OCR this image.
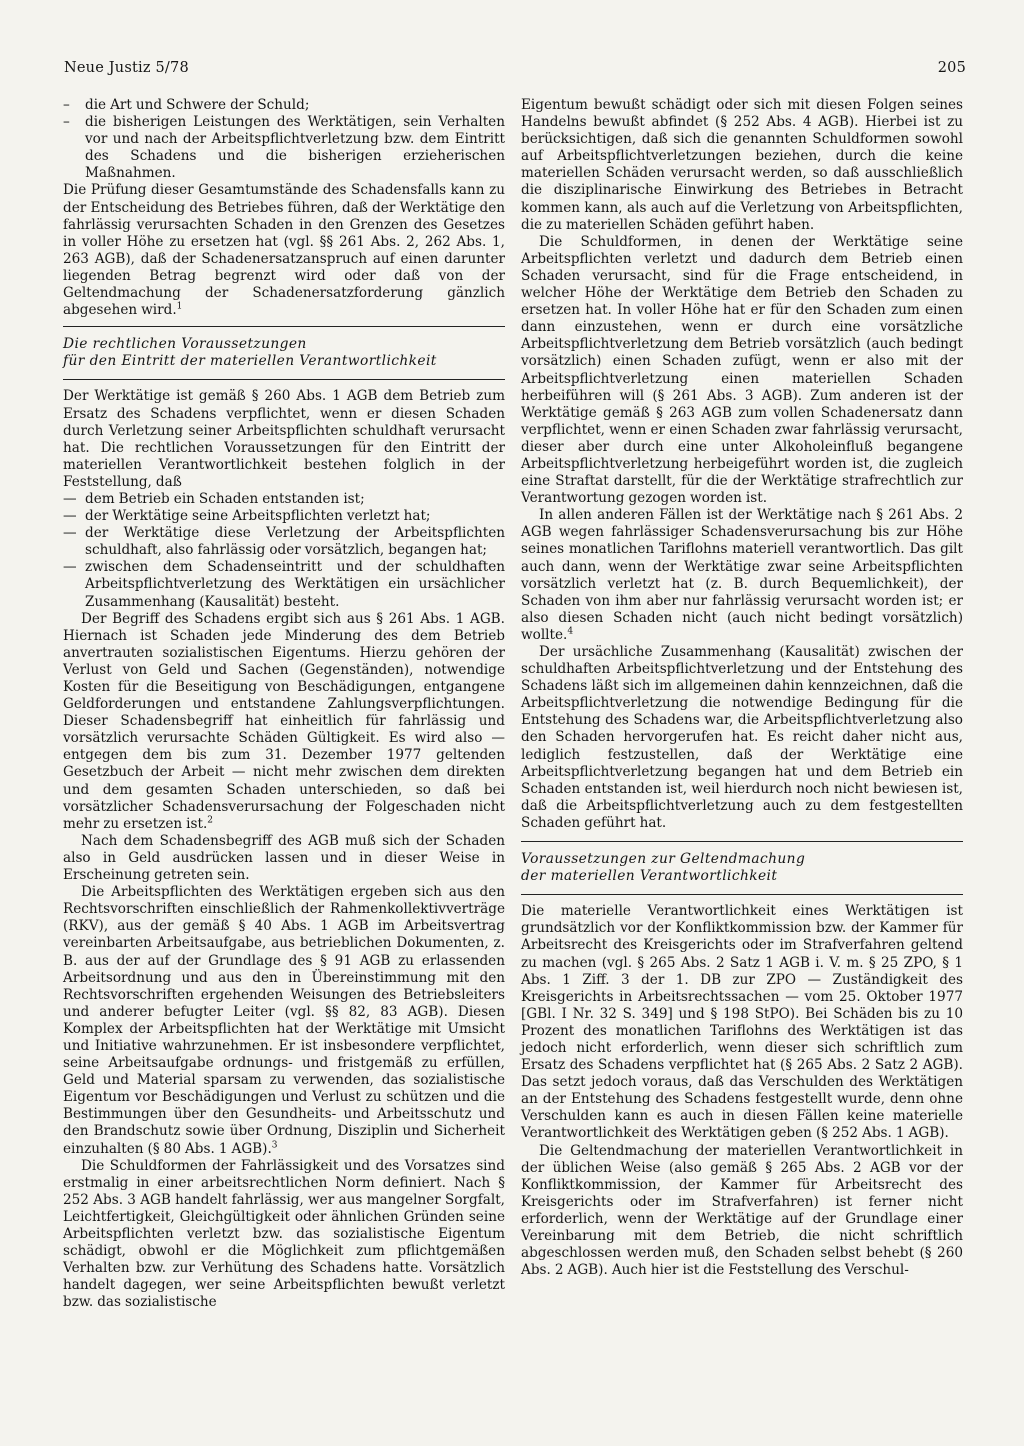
Neue Justiz 5/78	205
–	die Art und Schwere der Schuld;
–	die bisherigen Leistungen des Werktätigen, sein Verhalten vor und nach der Arbeitspflichtverletzung bzw. dem Eintritt des Schadens und die bisherigen erzieherischen Maßnahmen.

Die Prüfung dieser Gesamtumstände des Schadensfalls kann zu der Entscheidung des Betriebes führen, daß der Werktätige den fahrlässig verursachten Schaden in den Grenzen des Gesetzes in voller Höhe zu ersetzen hat (vgl. §§ 261 Abs. 2, 262 Abs. 1, 263 AGB), daß der Schadenersatzanspruch auf einen darunter liegenden Betrag begrenzt wird oder daß von der Geltendmachung der Schadenersatzforderung gänzlich abgesehen wird.$^1$

Die rechtlichen Voraussetzungen
für den Eintritt der materiellen Verantwortlichkeit

Der Werktätige ist gemäß § 260 Abs. 1 AGB dem Betrieb zum Ersatz des Schadens verpflichtet, wenn er diesen Schaden durch Verletzung seiner Arbeitspflichten schuldhaft verursacht hat. Die rechtlichen Voraussetzungen für den Eintritt der materiellen Verantwortlichkeit bestehen folglich in der Feststellung, daß

— dem Betrieb ein Schaden entstanden ist;
— der Werktätige seine Arbeitspflichten verletzt hat;
— der Werktätige diese Verletzung der Arbeitspflichten schuldhaft, also fahrlässig oder vorsätzlich, begangen hat;
— zwischen dem Schadenseintritt und der schuldhaften Arbeitspflichtverletzung des Werktätigen ein ursächlicher Zusammenhang (Kausalität) besteht.

Der Begriff des Schadens ergibt sich aus § 261 Abs. 1 AGB. Hiernach ist Schaden jede Minderung des dem Betrieb anvertrauten sozialistischen Eigentums. Hierzu gehören der Verlust von Geld und Sachen (Gegenständen), notwendige Kosten für die Beseitigung von Beschädigungen, entgangene Geldforderungen und entstandene Zahlungsverpflichtungen. Dieser Schadensbegriff hat einheitlich für fahrlässig und vorsätzlich verursachte Schäden Gültigkeit. Es wird also — entgegen dem bis zum 31. Dezember 1977 geltenden Gesetzbuch der Arbeit — nicht mehr zwischen dem direkten und dem gesamten Schaden unterschieden, so daß bei vorsätzlicher Schadensverursachung der Folgeschaden nicht mehr zu ersetzen ist.$^2$

Nach dem Schadensbegriff des AGB muß sich der Schaden also in Geld ausdrücken lassen und in dieser Weise in Erscheinung getreten sein.

Die Arbeitspflichten des Werktätigen ergeben sich aus den Rechtsvorschriften einschließlich der Rahmenkollektivverträge (RKV), aus der gemäß § 40 Abs. 1 AGB im Arbeitsvertrag vereinbarten Arbeitsaufgabe, aus betrieblichen Dokumenten, z. B. aus der auf der Grundlage des § 91 AGB zu erlassenden Arbeitsordnung und aus den in Übereinstimmung mit den Rechtsvorschriften ergehenden Weisungen des Betriebsleiters und anderer befugter Leiter (vgl. §§ 82, 83 AGB). Diesen Komplex der Arbeitspflichten hat der Werktätige mit Umsicht und Initiative wahrzunehmen. Er ist insbesondere verpflichtet, seine Arbeitsaufgabe ordnungs- und fristgemäß zu erfüllen, Geld und Material sparsam zu verwenden, das sozialistische Eigentum vor Beschädigungen und Verlust zu schützen und die Bestimmungen über den Gesundheits- und Arbeitsschutz und den Brandschutz sowie über Ordnung, Disziplin und Sicherheit einzuhalten (§ 80 Abs. 1 AGB).$^3$

Die Schuldformen der Fahrlässigkeit und des Vorsatzes sind erstmalig in einer arbeitsrechtlichen Norm definiert. Nach § 252 Abs. 3 AGB handelt fahrlässig, wer aus mangelner Sorgfalt, Leichtfertigkeit, Gleichgültigkeit oder ähnlichen Gründen seine Arbeitspflichten verletzt bzw. das sozialistische Eigentum schädigt, obwohl er die Möglichkeit zum pflichtgemäßen Verhalten bzw. zur Verhütung des Schadens hatte. Vorsätzlich handelt dagegen, wer seine Arbeitspflichten bewußt verletzt bzw. das sozialistische

Eigentum bewußt schädigt oder sich mit diesen Folgen seines Handelns bewußt abfindet (§ 252 Abs. 4 AGB). Hierbei ist zu berücksichtigen, daß sich die genannten Schuldformen sowohl auf Arbeitspflichtverletzungen beziehen, durch die keine materiellen Schäden verursacht werden, so daß ausschließlich die disziplinarische Einwirkung des Betriebes in Betracht kommen kann, als auch auf die Verletzung von Arbeitspflichten, die zu materiellen Schäden geführt haben.

Die Schuldformen, in denen der Werktätige seine Arbeitspflichten verletzt und dadurch dem Betrieb einen Schaden verursacht, sind für die Frage entscheidend, in welcher Höhe der Werktätige dem Betrieb den Schaden zu ersetzen hat. In voller Höhe hat er für den Schaden zum einen dann einzustehen, wenn er durch eine vorsätzliche Arbeitspflichtverletzung dem Betrieb vorsätzlich (auch bedingt vorsätzlich) einen Schaden zufügt, wenn er also mit der Arbeitspflichtverletzung einen materiellen Schaden herbeiführen will (§ 261 Abs. 3 AGB). Zum anderen ist der Werktätige gemäß § 263 AGB zum vollen Schadenersatz dann verpflichtet, wenn er einen Schaden zwar fahrlässig verursacht, dieser aber durch eine unter Alkoholeinfluß begangene Arbeitspflichtverletzung herbeigeführt worden ist, die zugleich eine Straftat darstellt, für die der Werktätige strafrechtlich zur Verantwortung gezogen worden ist.

In allen anderen Fällen ist der Werktätige nach § 261 Abs. 2 AGB wegen fahrlässiger Schadensverursachung bis zur Höhe seines monatlichen Tariflohns materiell verantwortlich. Das gilt auch dann, wenn der Werktätige zwar seine Arbeitspflichten vorsätzlich verletzt hat (z. B. durch Bequemlichkeit), der Schaden von ihm aber nur fahrlässig verursacht worden ist; er also diesen Schaden nicht (auch nicht bedingt vorsätzlich) wollte.$^4$

Der ursächliche Zusammenhang (Kausalität) zwischen der schuldhaften Arbeitspflichtverletzung und der Entstehung des Schadens läßt sich im allgemeinen dahin kennzeichnen, daß die Arbeitspflichtverletzung die notwendige Bedingung für die Entstehung des Schadens war, die Arbeitspflichtverletzung also den Schaden hervorgerufen hat. Es reicht daher nicht aus, lediglich festzustellen, daß der Werktätige eine Arbeitspflichtverletzung begangen hat und dem Betrieb ein Schaden entstanden ist, weil hierdurch noch nicht bewiesen ist, daß die Arbeitspflichtverletzung auch zu dem festgestellten Schaden geführt hat.

Voraussetzungen zur Geltendmachung
der materiellen Verantwortlichkeit

Die materielle Verantwortlichkeit eines Werktätigen ist grundsätzlich vor der Konfliktkommission bzw. der Kammer für Arbeitsrecht des Kreisgerichts oder im Strafverfahren geltend zu machen (vgl. § 265 Abs. 2 Satz 1 AGB i. V. m. § 25 ZPO, § 1 Abs. 1 Ziff. 3 der 1. DB zur ZPO — Zuständigkeit des Kreisgerichts in Arbeitsrechtssachen — vom 25. Oktober 1977 [GBl. I Nr. 32 S. 349] und § 198 StPO). Bei Schäden bis zu 10 Prozent des monatlichen Tariflohns des Werktätigen ist das jedoch nicht erforderlich, wenn dieser sich schriftlich zum Ersatz des Schadens verpflichtet hat (§ 265 Abs. 2 Satz 2 AGB). Das setzt jedoch voraus, daß das Verschulden des Werktätigen an der Entstehung des Schadens festgestellt wurde, denn ohne Verschulden kann es auch in diesen Fällen keine materielle Verantwortlichkeit des Werktätigen geben (§ 252 Abs. 1 AGB).

Die Geltendmachung der materiellen Verantwortlichkeit in der üblichen Weise (also gemäß § 265 Abs. 2 AGB vor der Konfliktkommission, der Kammer für Arbeitsrecht des Kreisgerichts oder im Strafverfahren) ist ferner nicht erforderlich, wenn der Werktätige auf der Grundlage einer Vereinbarung mit dem Betrieb, die nicht schriftlich abgeschlossen werden muß, den Schaden selbst behebt (§ 260 Abs. 2 AGB). Auch hier ist die Feststellung des Verschul-
